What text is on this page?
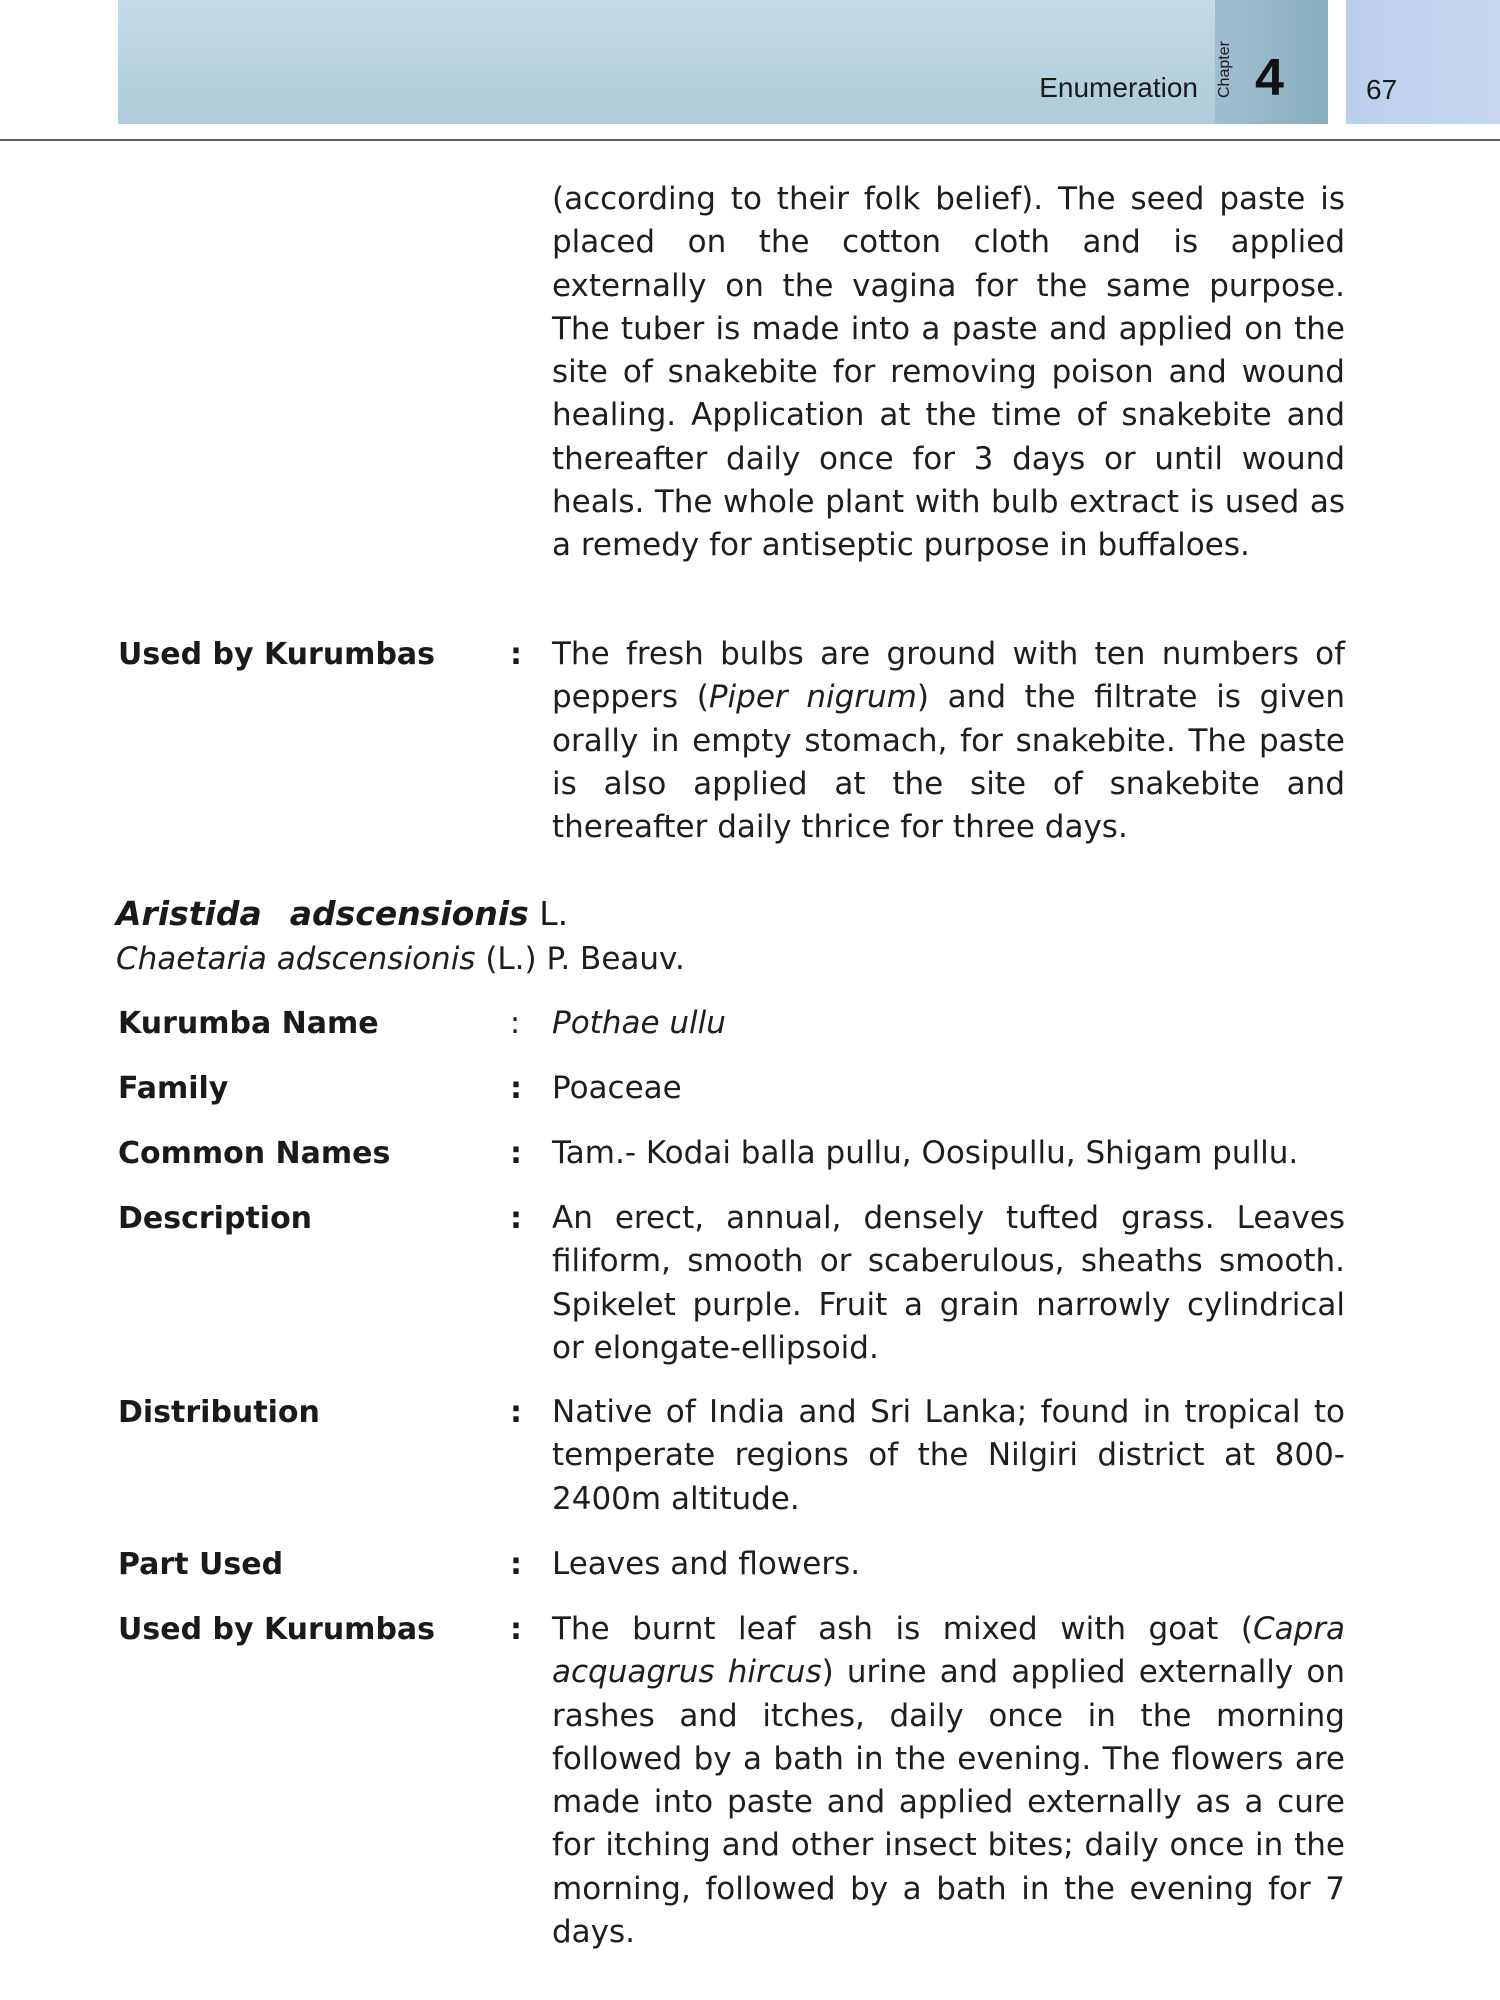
Enumeration Chapter 4	67

(according to their folk belief). The seed paste is placed on the cotton cloth and is applied externally on the vagina for the same purpose. The tuber is made into a paste and applied on the site of snakebite for removing poison and wound healing. Application at the time of snakebite and thereafter daily once for 3 days or until wound heals. The whole plant with bulb extract is used as a remedy for antiseptic purpose in buffaloes.

Used by Kurumbas : The fresh bulbs are ground with ten numbers of peppers (Piper nigrum) and the filtrate is given orally in empty stomach, for snakebite. The paste is also applied at the site of snakebite and thereafter daily thrice for three days.

Aristida adscensionis L.
Chaetaria adscensionis (L.) P. Beauv.
Kurumba Name	: Pothae ullu

Family	: Poaceae

Common Names	: Tam.- Kodai balla pullu, Oosipullu, Shigam pullu.

Description	: An erect, annual, densely tufted grass. Leaves filiform, smooth or scaberulous, sheaths smooth. Spikelet purple. Fruit a grain narrowly cylindrical or elongate-ellipsoid.

Distribution	: Native of India and Sri Lanka; found in tropical to temperate regions of the Nilgiri district at 800-2400m altitude.

Part Used	: Leaves and flowers.

Used by Kurumbas : The burnt leaf ash is mixed with goat (Capra acquagrus hircus) urine and applied externally on rashes and itches, daily once in the morning followed by a bath in the evening. The flowers are made into paste and applied externally as a cure for itching and other insect bites; daily once in the morning, followed by a bath in the evening for 7 days.
